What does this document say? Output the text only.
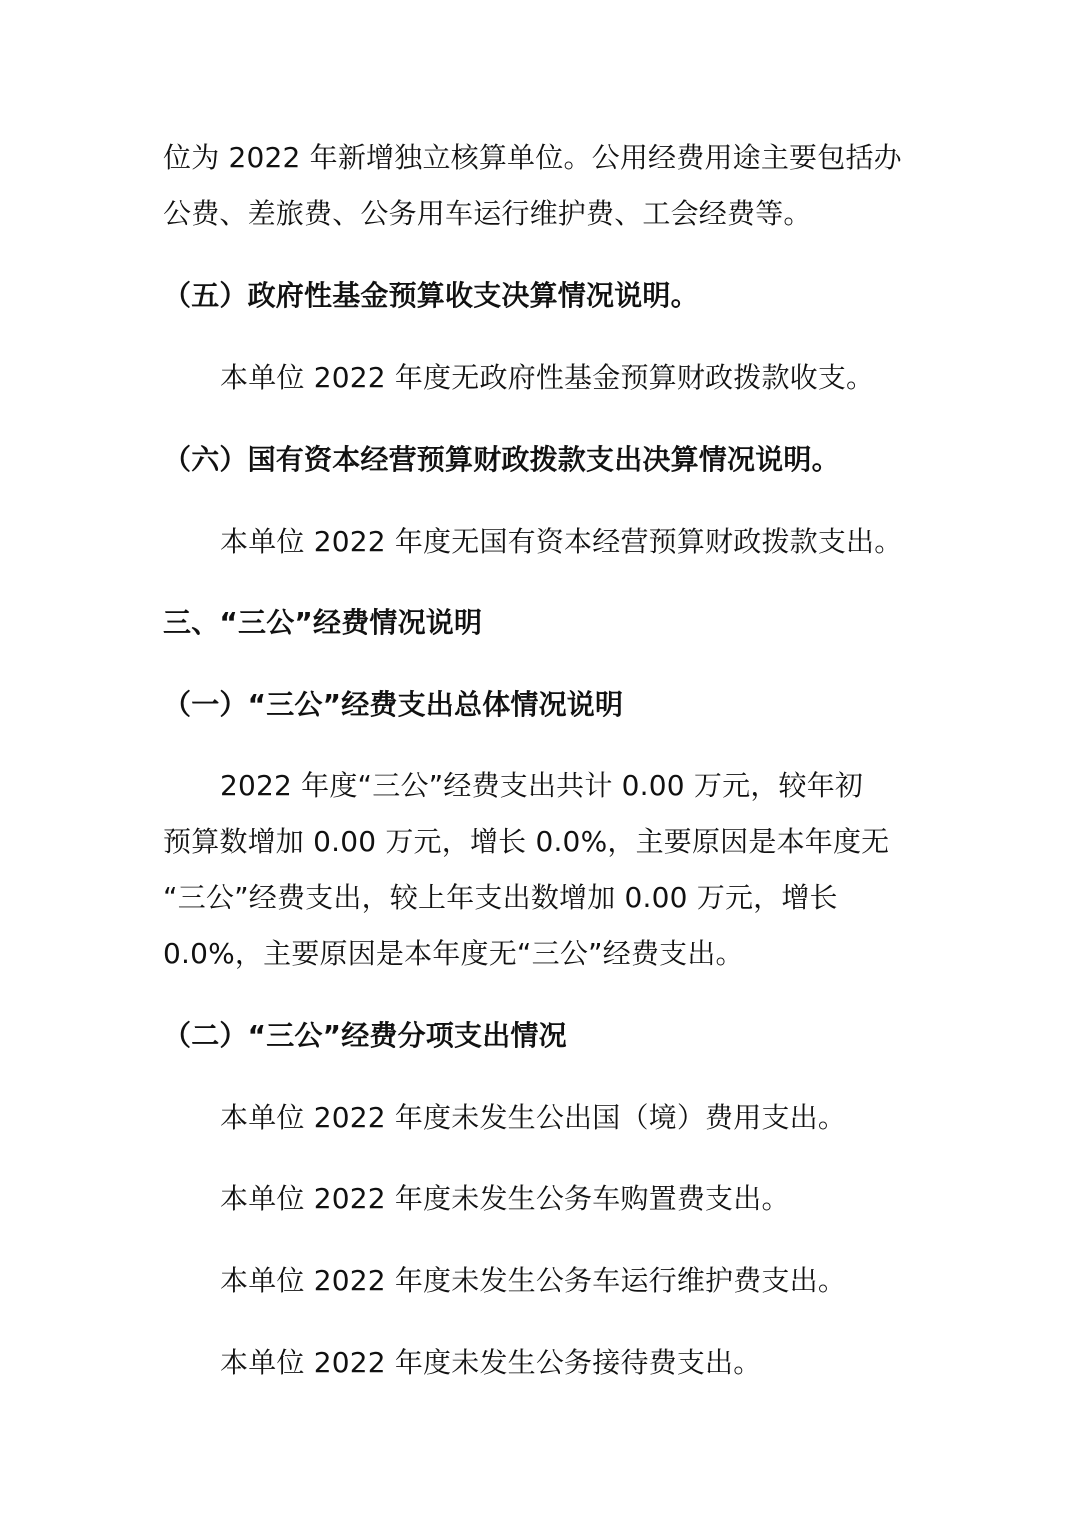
位为 2022 年新增独立核算单位。公用经费用途主要包括办
公费、差旅费、公务用车运行维护费、工会经费等。
（五）政府性基金预算收支决算情况说明。
本单位 2022 年度无政府性基金预算财政拨款收支。
（六）国有资本经营预算财政拨款支出决算情况说明。
本单位 2022 年度无国有资本经营预算财政拨款支出。
三、“三公”经费情况说明
（一）“三公”经费支出总体情况说明
2022 年度“三公”经费支出共计 0.00 万元，较年初
预算数增加 0.00 万元，增长 0.0%，主要原因是本年度无
“三公”经费支出，较上年支出数增加 0.00 万元，增长
0.0%，主要原因是本年度无“三公”经费支出。
（二）“三公”经费分项支出情况
本单位 2022 年度未发生公出国（境）费用支出。
本单位 2022 年度未发生公务车购置费支出。
本单位 2022 年度未发生公务车运行维护费支出。
本单位 2022 年度未发生公务接待费支出。
